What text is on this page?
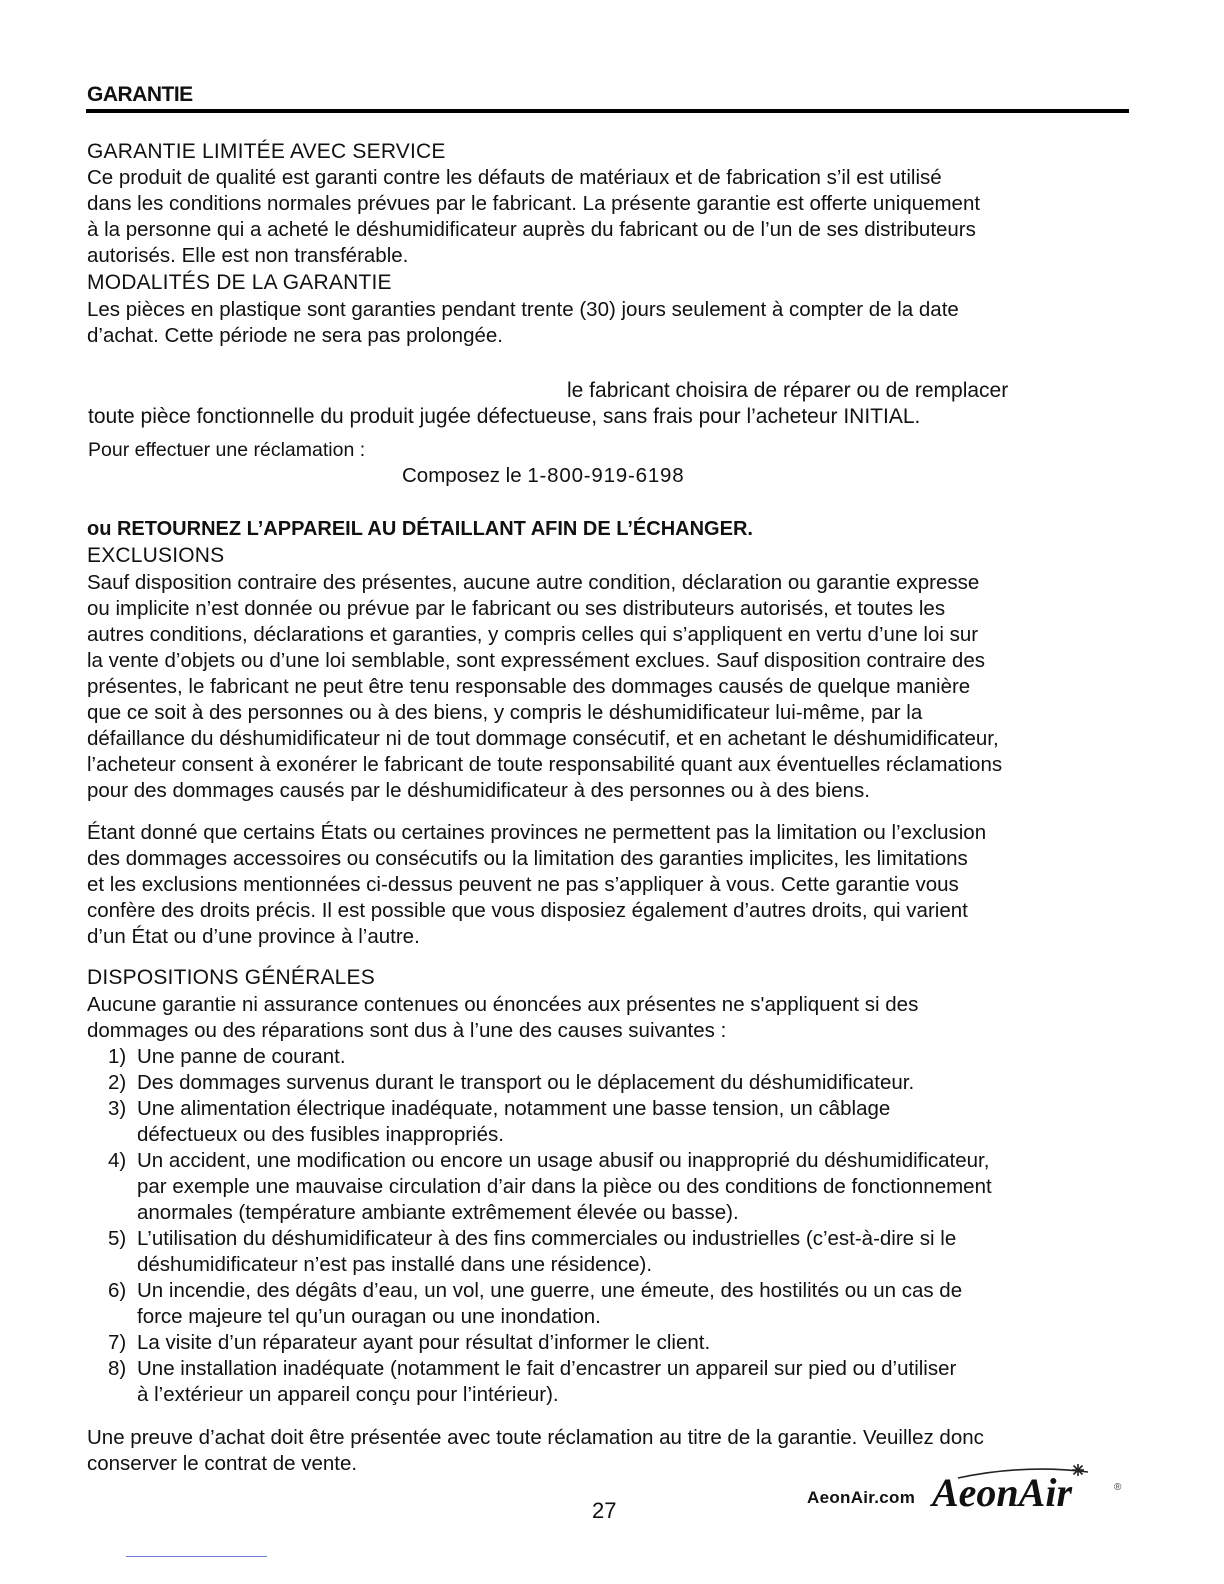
GARANTIE
GARANTIE LIMITÉE AVEC SERVICE
Ce produit de qualité est garanti contre les défauts de matériaux et de fabrication s’il est utilisé
dans les conditions normales prévues par le fabricant. La présente garantie est offerte uniquement
à la personne qui a acheté le déshumidificateur auprès du fabricant ou de l’un de ses distributeurs
autorisés. Elle est non transférable.
MODALITÉS DE LA GARANTIE
Les pièces en plastique sont garanties pendant trente (30) jours seulement à compter de la date
d’achat. Cette période ne sera pas prolongée.
le fabricant choisira de réparer ou de remplacer
toute pièce fonctionnelle du produit jugée défectueuse, sans frais pour l’acheteur INITIAL.
Pour effectuer une réclamation :
Composez le 1-800-919-6198
ou RETOURNEZ L’APPAREIL AU DÉTAILLANT AFIN DE L’ÉCHANGER.
EXCLUSIONS
Sauf disposition contraire des présentes, aucune autre condition, déclaration ou garantie expresse
ou implicite n’est donnée ou prévue par le fabricant ou ses distributeurs autorisés, et toutes les
autres conditions, déclarations et garanties, y compris celles qui s’appliquent en vertu d’une loi sur
la vente d’objets ou d’une loi semblable, sont expressément exclues. Sauf disposition contraire des
présentes, le fabricant ne peut être tenu responsable des dommages causés de quelque manière
que ce soit à des personnes ou à des biens, y compris le déshumidificateur lui-même, par la
défaillance du déshumidificateur ni de tout dommage consécutif, et en achetant le déshumidificateur,
l’acheteur consent à exonérer le fabricant de toute responsabilité quant aux éventuelles réclamations
pour des dommages causés par le déshumidificateur à des personnes ou à des biens.
Étant donné que certains États ou certaines provinces ne permettent pas la limitation ou l’exclusion
des dommages accessoires ou consécutifs ou la limitation des garanties implicites, les limitations
et les exclusions mentionnées ci-dessus peuvent ne pas s’appliquer à vous. Cette garantie vous
confère des droits précis. Il est possible que vous disposiez également d’autres droits, qui varient
d’un État ou d’une province à l’autre.
DISPOSITIONS GÉNÉRALES
Aucune garantie ni assurance contenues ou énoncées aux présentes ne s'appliquent si des
dommages ou des réparations sont dus à l’une des causes suivantes :
1) Une panne de courant.
2) Des dommages survenus durant le transport ou le déplacement du déshumidificateur.
3) Une alimentation électrique inadéquate, notamment une basse tension, un câblage
défectueux ou des fusibles inappropriés.
4) Un accident, une modification ou encore un usage abusif ou inapproprié du déshumidificateur,
par exemple une mauvaise circulation d’air dans la pièce ou des conditions de fonctionnement
anormales (température ambiante extrêmement élevée ou basse).
5) L’utilisation du déshumidificateur à des fins commerciales ou industrielles (c’est-à-dire si le
déshumidificateur n’est pas installé dans une résidence).
6) Un incendie, des dégâts d’eau, un vol, une guerre, une émeute, des hostilités ou un cas de
force majeure tel qu’un ouragan ou une inondation.
7) La visite d’un réparateur ayant pour résultat d’informer le client.
8) Une installation inadéquate (notamment le fait d’encastrer un appareil sur pied ou d’utiliser
à l’extérieur un appareil conçu pour l’intérieur).
Une preuve d’achat doit être présentée avec toute réclamation au titre de la garantie. Veuillez donc
conserver le contrat de vente.
27
AeonAir.com AeonAir	®
